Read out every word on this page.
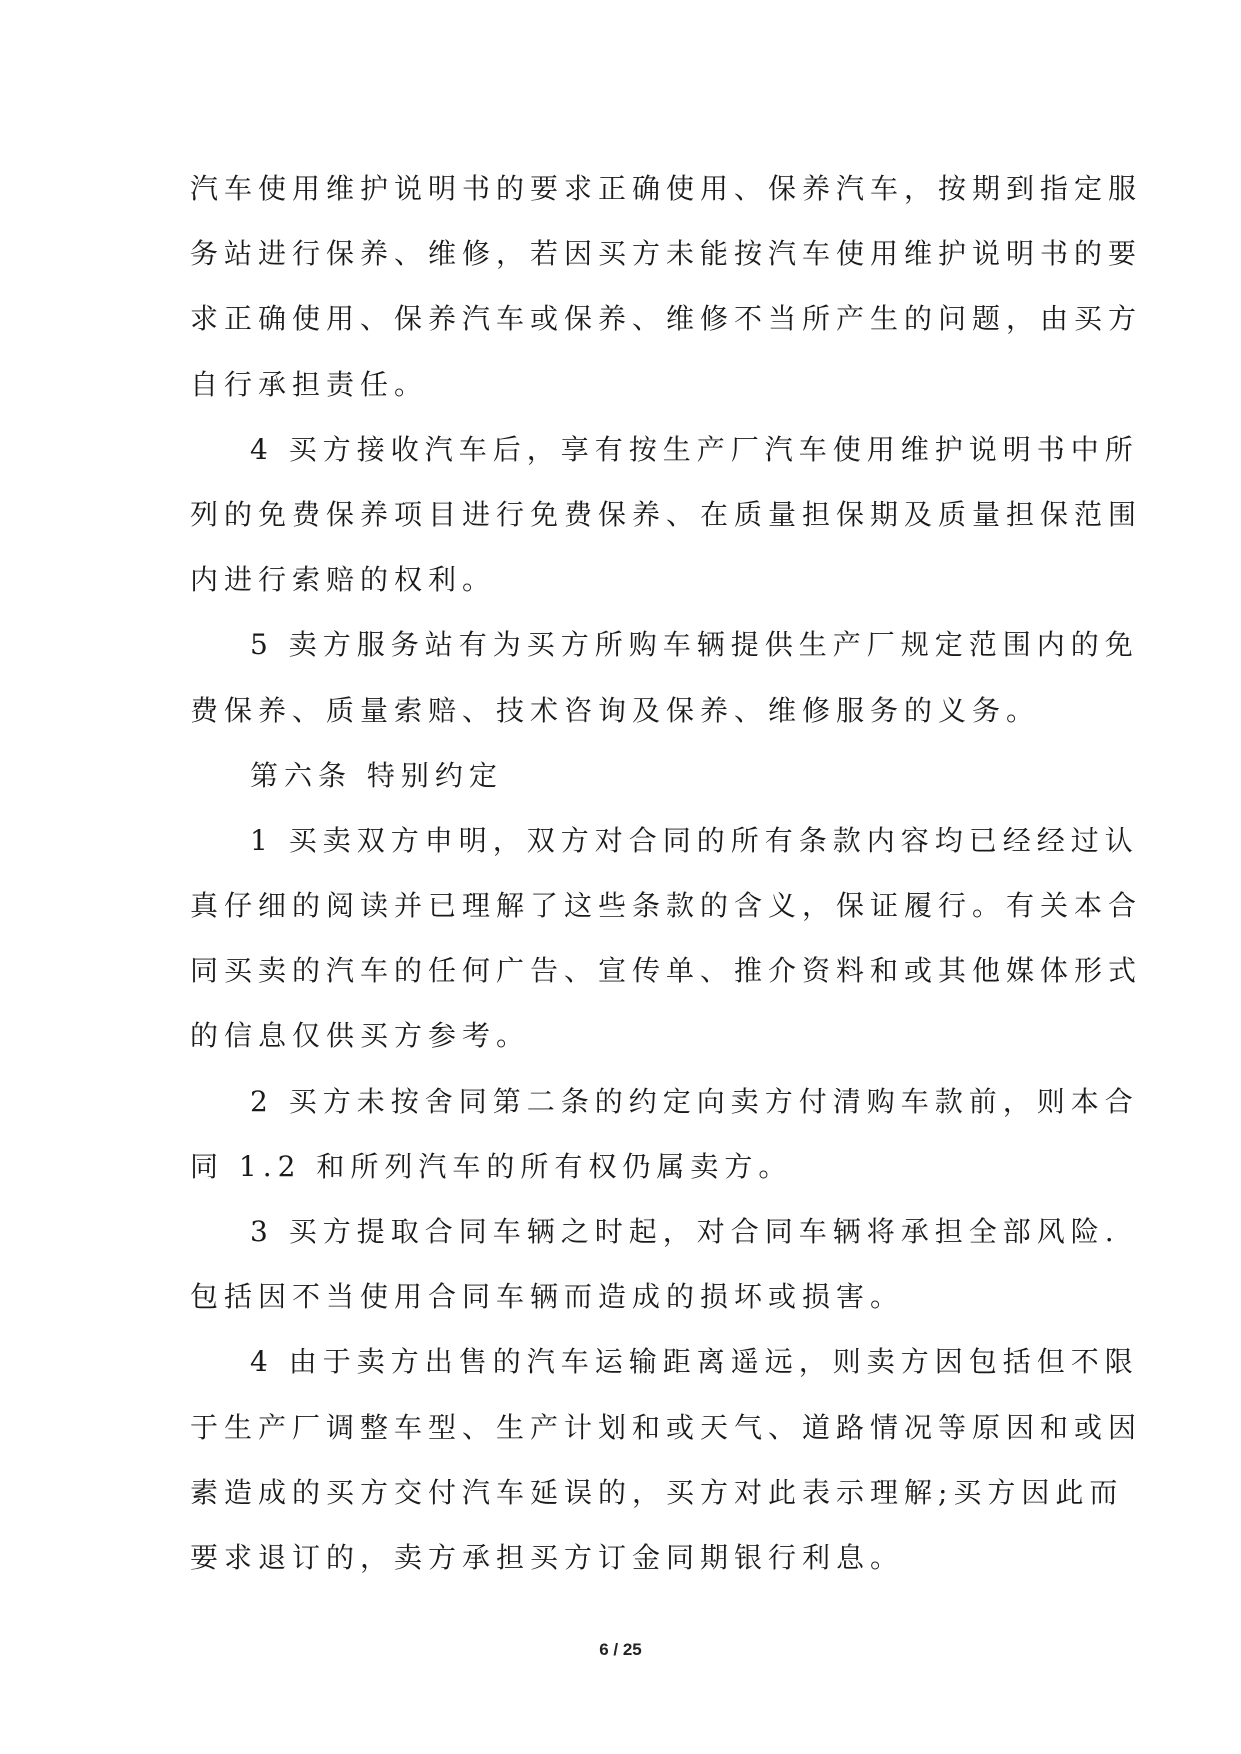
汽车使用维护说明书的要求正确使用、保养汽车，按期到指定服
务站进行保养、维修，若因买方未能按汽车使用维护说明书的要
求正确使用、保养汽车或保养、维修不当所产生的问题，由买方
自行承担责任。
4 买方接收汽车后，享有按生产厂汽车使用维护说明书中所
列的免费保养项目进行免费保养、在质量担保期及质量担保范围
内进行索赔的权利。
5 卖方服务站有为买方所购车辆提供生产厂规定范围内的免
费保养、质量索赔、技术咨询及保养、维修服务的义务。
第六条 特别约定
1 买卖双方申明，双方对合同的所有条款内容均已经经过认
真仔细的阅读并已理解了这些条款的含义，保证履行。有关本合
同买卖的汽车的任何广告、宣传单、推介资料和或其他媒体形式
的信息仅供买方参考。
2 买方未按舍同第二条的约定向卖方付清购车款前，则本合
同 1.2 和所列汽车的所有权仍属卖方。
3 买方提取合同车辆之时起，对合同车辆将承担全部风险.
包括因不当使用合同车辆而造成的损坏或损害。
4 由于卖方出售的汽车运输距离遥远，则卖方因包括但不限
于生产厂调整车型、生产计划和或天气、道路情况等原因和或因
素造成的买方交付汽车延误的，买方对此表示理解;买方因此而
要求退订的，卖方承担买方订金同期银行利息。
6 / 25
